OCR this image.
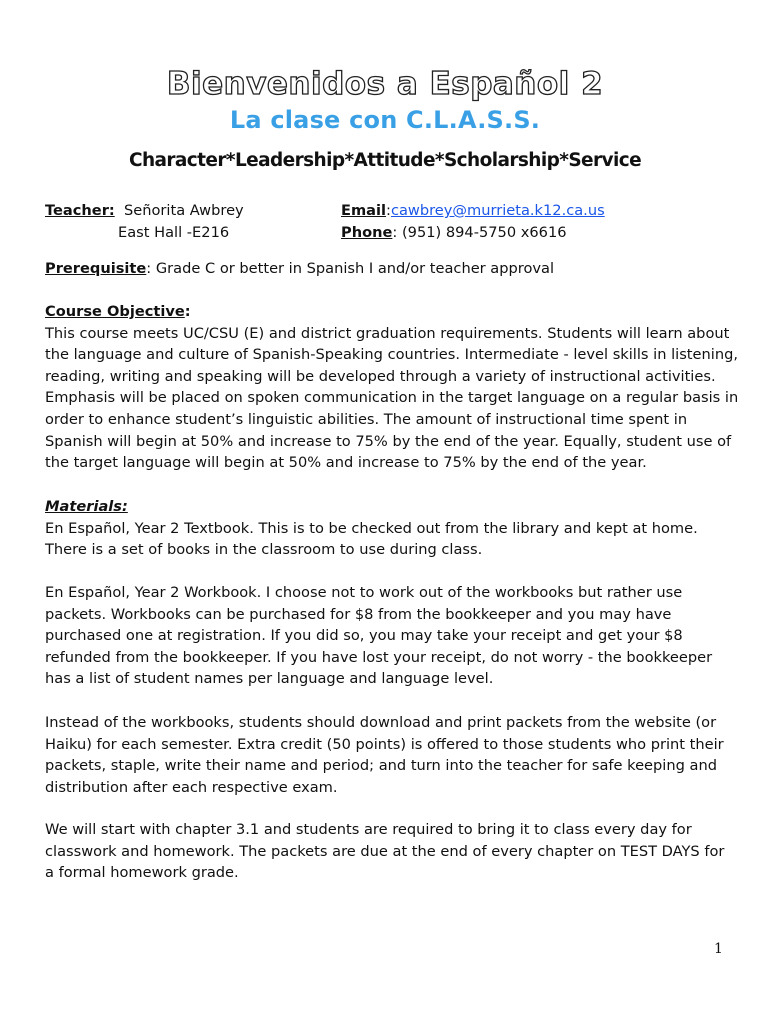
Bienvenidos a Español 2
La clase con C.L.A.S.S.
Character*Leadership*Attitude*Scholarship*Service
Teacher: Señorita Awbrey
East Hall -E216
Email:cawbrey@murrieta.k12.ca.us
Phone: (951) 894-5750 x6616
Prerequisite: Grade C or better in Spanish I and/or teacher approval
Course Objective:
This course meets UC/CSU (E) and district graduation requirements. Students will learn about
the language and culture of Spanish-Speaking countries. Intermediate - level skills in listening,
reading, writing and speaking will be developed through a variety of instructional activities.
Emphasis will be placed on spoken communication in the target language on a regular basis in
order to enhance student’s linguistic abilities. The amount of instructional time spent in
Spanish will begin at 50% and increase to 75% by the end of the year. Equally, student use of
the target language will begin at 50% and increase to 75% by the end of the year.
Materials:
En Español, Year 2 Textbook. This is to be checked out from the library and kept at home.
There is a set of books in the classroom to use during class.
En Español, Year 2 Workbook. I choose not to work out of the workbooks but rather use
packets. Workbooks can be purchased for $8 from the bookkeeper and you may have
purchased one at registration. If you did so, you may take your receipt and get your $8
refunded from the bookkeeper. If you have lost your receipt, do not worry - the bookkeeper
has a list of student names per language and language level.
Instead of the workbooks, students should download and print packets from the website (or
Haiku) for each semester. Extra credit (50 points) is offered to those students who print their
packets, staple, write their name and period; and turn into the teacher for safe keeping and
distribution after each respective exam.
We will start with chapter 3.1 and students are required to bring it to class every day for
classwork and homework. The packets are due at the end of every chapter on TEST DAYS for
a formal homework grade.
1
